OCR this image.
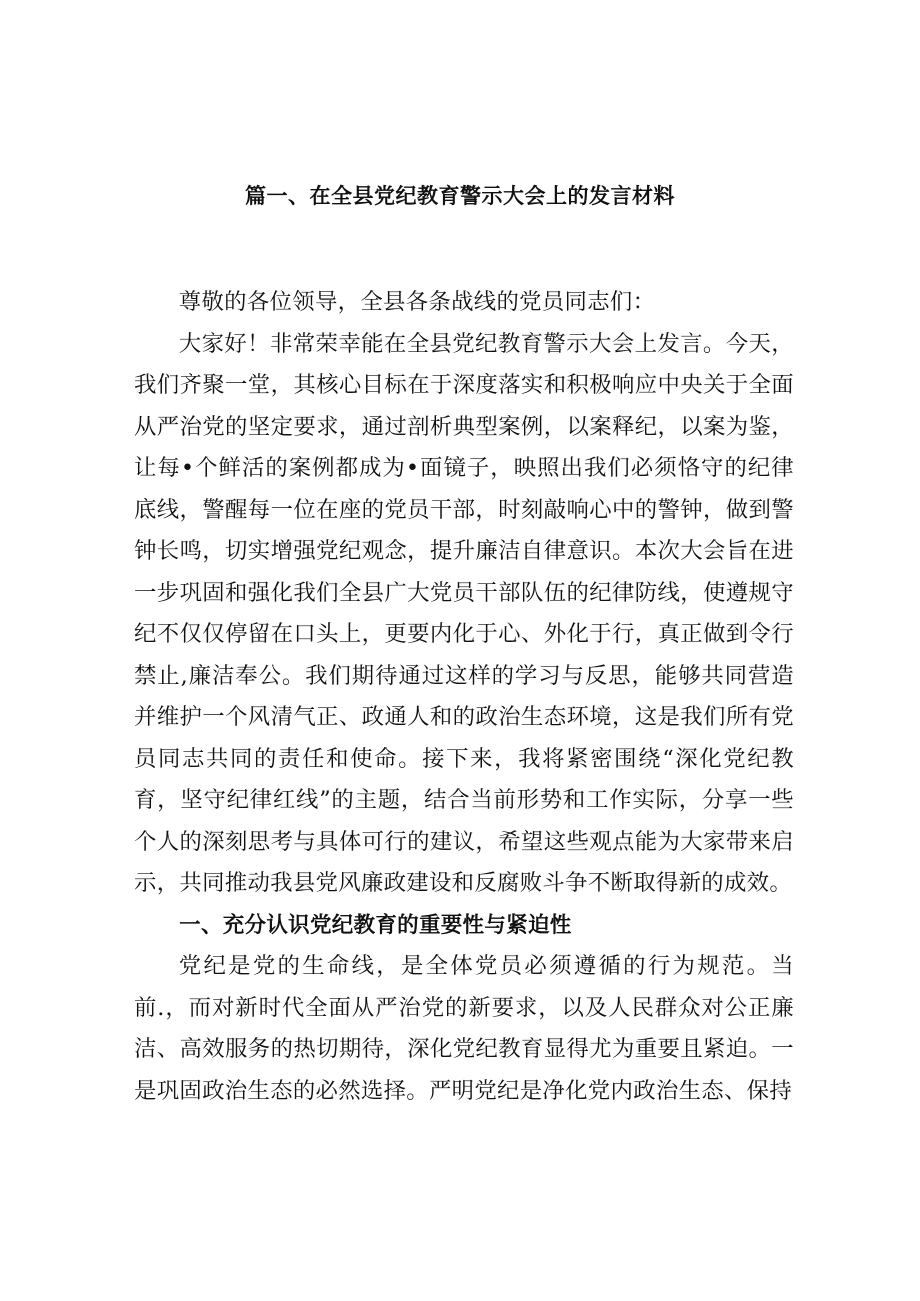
篇一、在全县党纪教育警示大会上的发言材料

尊敬的各位领导，全县各条战线的党员同志们：

大家好！非常荣幸能在全县党纪教育警示大会上发言。今天，我们齐聚一堂，其核心目标在于深度落实和积极响应中央关于全面从严治党的坚定要求，通过剖析典型案例，以案释纪，以案为鉴，让每•个鲜活的案例都成为•面镜子，映照出我们必须恪守的纪律底线，警醒每一位在座的党员干部，时刻敲响心中的警钟，做到警钟长鸣，切实增强党纪观念，提升廉洁自律意识。本次大会旨在进一步巩固和强化我们全县广大党员干部队伍的纪律防线，使遵规守纪不仅仅停留在口头上，更要内化于心、外化于行，真正做到令行禁止,廉洁奉公。我们期待通过这样的学习与反思，能够共同营造并维护一个风清气正、政通人和的政治生态环境，这是我们所有党员同志共同的责任和使命。接下来，我将紧密围绕“深化党纪教育，坚守纪律红线”的主题，结合当前形势和工作实际，分享一些个人的深刻思考与具体可行的建议，希望这些观点能为大家带来启示，共同推动我县党风廉政建设和反腐败斗争不断取得新的成效。

一、充分认识党纪教育的重要性与紧迫性

党纪是党的生命线，是全体党员必须遵循的行为规范。当前.，而对新时代全面从严治党的新要求，以及人民群众对公正廉洁、高效服务的热切期待，深化党纪教育显得尤为重要且紧迫。一是巩固政治生态的必然选择。严明党纪是净化党内政治生态、保持
